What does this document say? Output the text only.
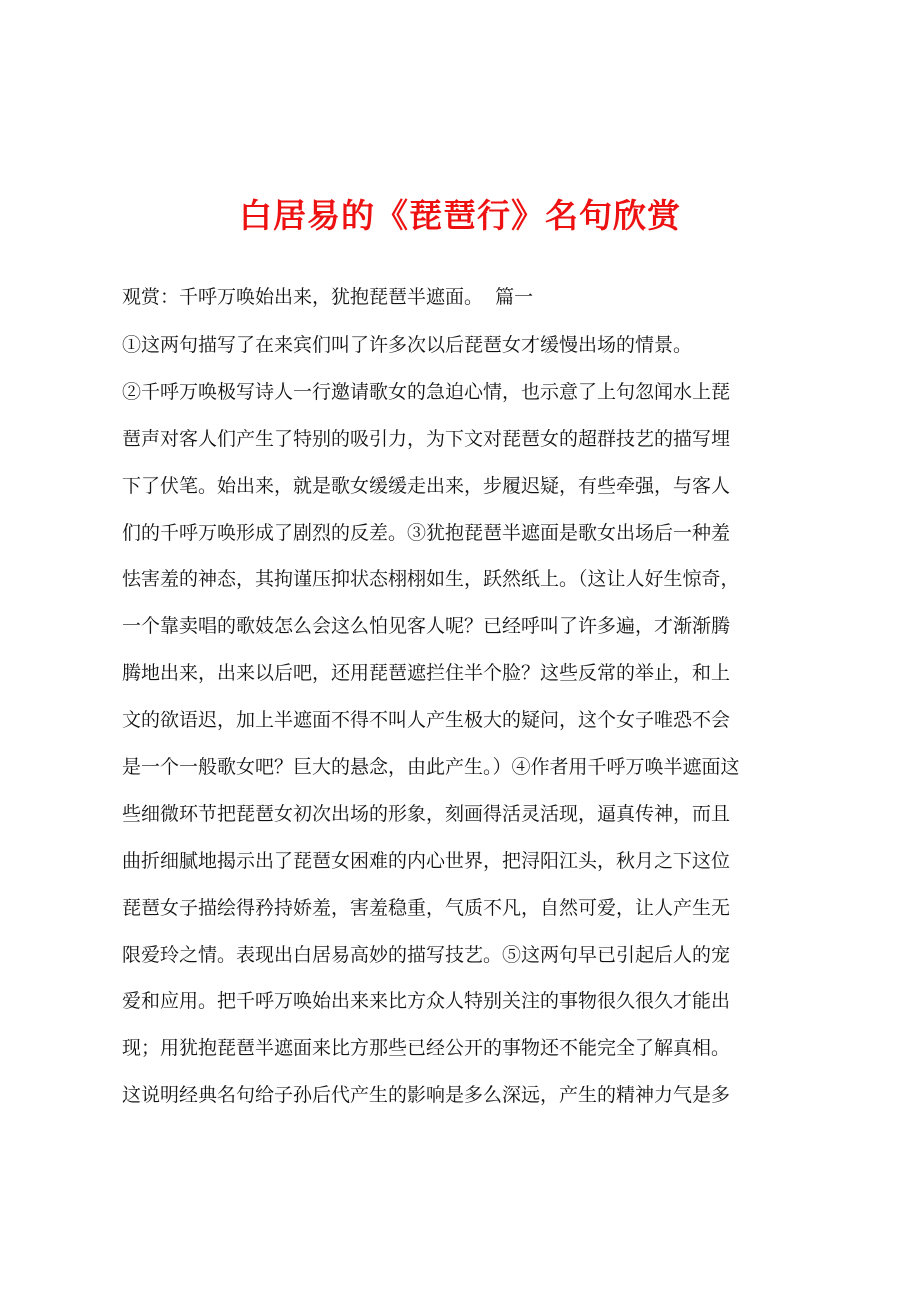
白居易的《琵琶行》名句欣赏

观赏：千呼万唤始出来，犹抱琵琶半遮面。  篇一

①这两句描写了在来宾们叫了许多次以后琵琶女才缓慢出场的情景。
②千呼万唤极写诗人一行邀请歌女的急迫心情，也示意了上句忽闻水上琵
琶声对客人们产生了特别的吸引力，为下文对琵琶女的超群技艺的描写埋
下了伏笔。始出来，就是歌女缓缓走出来，步履迟疑，有些牵强，与客人
们的千呼万唤形成了剧烈的反差。③犹抱琵琶半遮面是歌女出场后一种羞
怯害羞的神态，其拘谨压抑状态栩栩如生，跃然纸上。（这让人好生惊奇，
一个靠卖唱的歌妓怎么会这么怕见客人呢？已经呼叫了许多遍，才渐渐腾
腾地出来，出来以后吧，还用琵琶遮拦住半个脸？这些反常的举止，和上
文的欲语迟，加上半遮面不得不叫人产生极大的疑问，这个女子唯恐不会
是一个一般歌女吧？巨大的悬念，由此产生。）④作者用千呼万唤半遮面这
些细微环节把琵琶女初次出场的形象，刻画得活灵活现，逼真传神，而且
曲折细腻地揭示出了琵琶女困难的内心世界，把浔阳江头，秋月之下这位
琵琶女子描绘得矜持娇羞，害羞稳重，气质不凡，自然可爱，让人产生无
限爱玲之情。表现出白居易高妙的描写技艺。⑤这两句早已引起后人的宠
爱和应用。把千呼万唤始出来来比方众人特别关注的事物很久很久才能出
现；用犹抱琵琶半遮面来比方那些已经公开的事物还不能完全了解真相。
这说明经典名句给子孙后代产生的影响是多么深远，产生的精神力气是多
